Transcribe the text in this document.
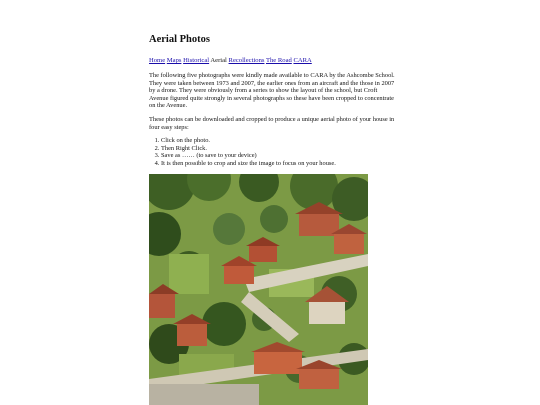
Aerial Photos
Home Maps Historical Aerial Recollections The Road CARA

The following five photographs were kindly made available to CARA by the Ashcombe School. They were taken between 1973 and 2007, the earlier ones from an aircraft and the those in 2007 by a drone. They were obviously from a series to show the layout of the school, but Croft Avenue figured quite strongly in several photographs so these have been cropped to concentrate on the Avenue.

These photos can be downloaded and cropped to produce a unique aerial photo of your house in four easy steps:

1. Click on the photo.
2. Then Right Click.
3. Save as …… (to save to your device)
4. It is then possible to crop and size the image to focus on your house.
